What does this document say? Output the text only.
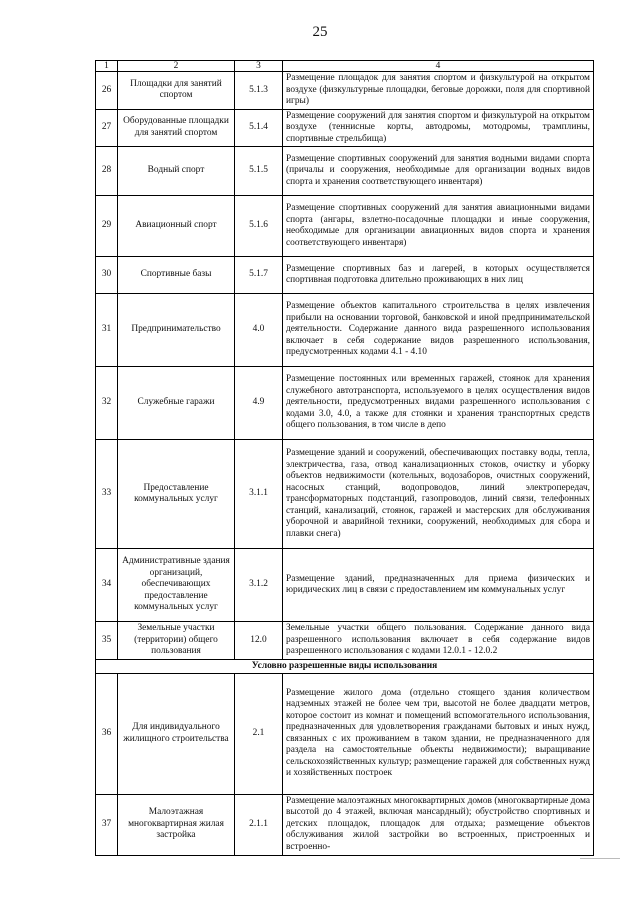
25
1	2	3	4
26	Площадки для занятий спортом	5.1.3	Размещение площадок для занятия спортом и физкультурой на открытом воздухе (физкультурные площадки, беговые дорожки, поля для спортивной игры)
27	Оборудованные площадки для занятий спортом	5.1.4	Размещение сооружений для занятия спортом и физкультурой на открытом воздухе (теннисные корты, автодромы, мотодромы, трамплины, спортивные стрельбища)
28	Водный спорт	5.1.5	Размещение спортивных сооружений для занятия водными видами спорта (причалы и сооружения, необходимые для организации водных видов спорта и хранения соответствующего инвентаря)
29	Авиационный спорт	5.1.6	Размещение спортивных сооружений для занятия авиационными видами спорта (ангары, взлетно-посадочные площадки и иные сооружения, необходимые для организации авиационных видов спорта и хранения соответствующего инвентаря)
30	Спортивные базы	5.1.7	Размещение спортивных баз и лагерей, в которых осуществляется спортивная подготовка длительно проживающих в них лиц
31	Предпринимательство	4.0	Размещение объектов капитального строительства в целях извлечения прибыли на основании торговой, банковской и иной предпринимательской деятельности. Содержание данного вида разрешенного использования включает в себя содержание видов разрешенного использования, предусмотренных кодами 4.1 - 4.10
32	Служебные гаражи	4.9	Размещение постоянных или временных гаражей, стоянок для хранения служебного автотранспорта, используемого в целях осуществления видов деятельности, предусмотренных видами разрешенного использования с кодами 3.0, 4.0, а также для стоянки и хранения транспортных средств общего пользования, в том числе в депо
33	Предоставление коммунальных услуг	3.1.1	Размещение зданий и сооружений, обеспечивающих поставку воды, тепла, электричества, газа, отвод канализационных стоков, очистку и уборку объектов недвижимости (котельных, водозаборов, очистных сооружений, насосных станций, водопроводов, линий электропередач, трансформаторных подстанций, газопроводов, линий связи, телефонных станций, канализаций, стоянок, гаражей и мастерских для обслуживания уборочной и аварийной техники, сооружений, необходимых для сбора и плавки снега)
34	Административные здания организаций, обеспечивающих предоставление коммунальных услуг	3.1.2	Размещение зданий, предназначенных для приема физических и юридических лиц в связи с предоставлением им коммунальных услуг
35	Земельные участки (территории) общего пользования	12.0	Земельные участки общего пользования. Содержание данного вида разрешенного использования включает в себя содержание видов разрешенного использования с кодами 12.0.1 - 12.0.2
Условно разрешенные виды использования			
36	Для индивидуального жилищного строительства	2.1	Размещение жилого дома (отдельно стоящего здания количеством надземных этажей не более чем три, высотой не более двадцати метров, которое состоит из комнат и помещений вспомогательного использования, предназначенных для удовлетворения гражданами бытовых и иных нужд, связанных с их проживанием в таком здании, не предназначенного для раздела на самостоятельные объекты недвижимости); выращивание сельскохозяйственных культур; размещение гаражей для собственных нужд и хозяйственных построек
37	Малоэтажная многоквартирная жилая застройка	2.1.1	Размещение малоэтажных многоквартирных домов (многоквартирные дома высотой до 4 этажей, включая мансардный); обустройство спортивных и детских площадок, площадок для отдыха; размещение объектов обслуживания жилой застройки во встроенных, пристроенных и встроенно-
